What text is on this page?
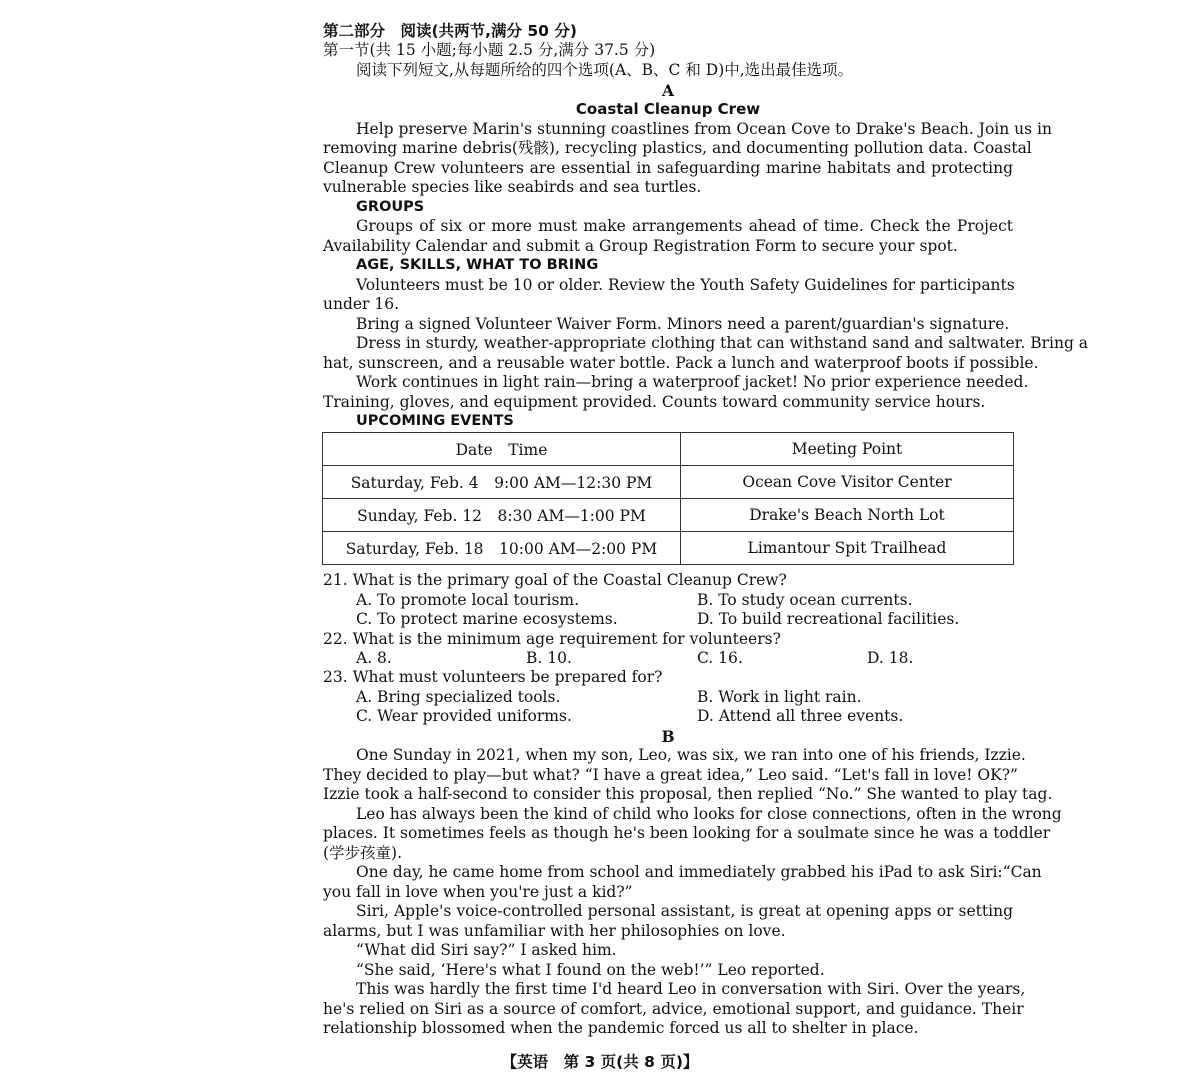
第二部分　阅读(共两节,满分 50 分)
第一节(共 15 小题;每小题 2.5 分,满分 37.5 分)
阅读下列短文,从每题所给的四个选项(A、B、C 和 D)中,选出最佳选项。
A
Coastal Cleanup Crew
Help preserve Marin's stunning coastlines from Ocean Cove to Drake's Beach. Join us in
removing marine debris(残骸), recycling plastics, and documenting pollution data. Coastal
Cleanup Crew volunteers are essential in safeguarding marine habitats and protecting
vulnerable species like seabirds and sea turtles.
GROUPS
Groups of six or more must make arrangements ahead of time. Check the Project
Availability Calendar and submit a Group Registration Form to secure your spot.
AGE, SKILLS, WHAT TO BRING
Volunteers must be 10 or older. Review the Youth Safety Guidelines for participants
under 16.
Bring a signed Volunteer Waiver Form. Minors need a parent/guardian's signature.
Dress in sturdy, weather-appropriate clothing that can withstand sand and saltwater. Bring a
hat, sunscreen, and a reusable water bottle. Pack a lunch and waterproof boots if possible.
Work continues in light rain—bring a waterproof jacket! No prior experience needed.
Training, gloves, and equipment provided. Counts toward community service hours.
UPCOMING EVENTS
Date　Time	Meeting Point
Saturday, Feb. 4　9:00 AM—12:30 PM	Ocean Cove Visitor Center
Sunday, Feb. 12　8:30 AM—1:00 PM	Drake's Beach North Lot
Saturday, Feb. 18　10:00 AM—2:00 PM	Limantour Spit Trailhead
21. What is the primary goal of the Coastal Cleanup Crew?
A. To promote local tourism.	B. To study ocean currents.
C. To protect marine ecosystems.	D. To build recreational facilities.
22. What is the minimum age requirement for volunteers?
A. 8.	B. 10.	C. 16.	D. 18.
23. What must volunteers be prepared for?
A. Bring specialized tools.	B. Work in light rain.
C. Wear provided uniforms.	D. Attend all three events.
B
One Sunday in 2021, when my son, Leo, was six, we ran into one of his friends, Izzie.
They decided to play—but what? “I have a great idea,” Leo said. “Let's fall in love! OK?”
Izzie took a half-second to consider this proposal, then replied “No.” She wanted to play tag.
Leo has always been the kind of child who looks for close connections, often in the wrong
places. It sometimes feels as though he's been looking for a soulmate since he was a toddler
(学步孩童).
One day, he came home from school and immediately grabbed his iPad to ask Siri:“Can
you fall in love when you're just a kid?”
Siri, Apple's voice-controlled personal assistant, is great at opening apps or setting
alarms, but I was unfamiliar with her philosophies on love.
“What did Siri say?” I asked him.
“She said, ‘Here's what I found on the web!’” Leo reported.
This was hardly the first time I'd heard Leo in conversation with Siri. Over the years,
he's relied on Siri as a source of comfort, advice, emotional support, and guidance. Their
relationship blossomed when the pandemic forced us all to shelter in place.
【英语　第 3 页(共 8 页)】
